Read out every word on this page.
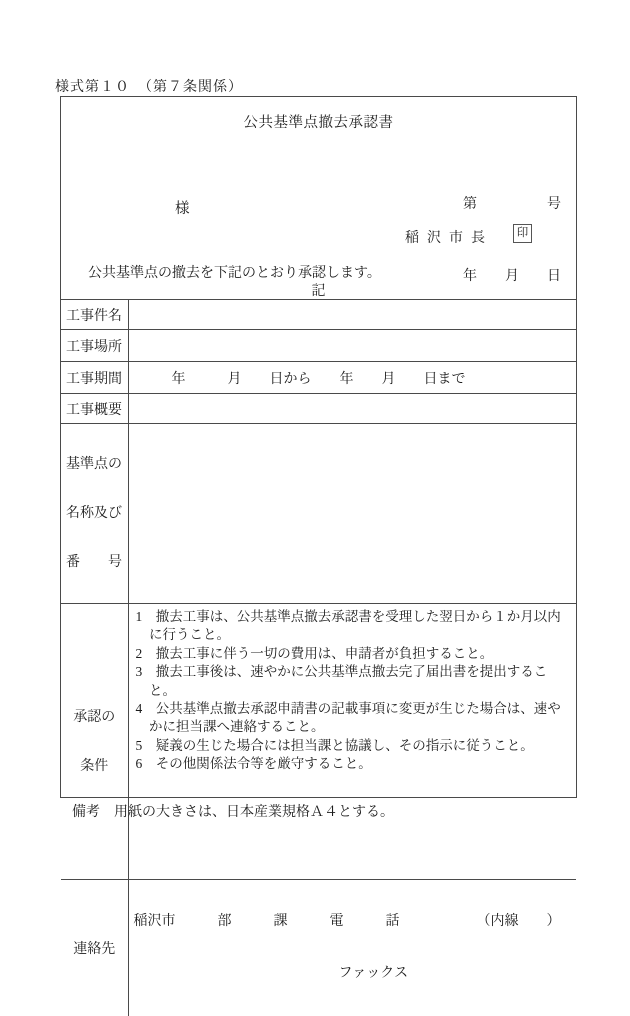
様式第１０　（第７条関係）
公共基準点撤去承認書

第　　　　　号

年　　月　　日

様
稲沢市長	印
公共基準点の撤去を下記のとおり承認します。
記
工事件名	
工事場所	
工事期間	年　　　月　　日から　　年　　月　　日まで
工事概要	

基準点の

名称及び

番　　号	

承認の

条件

1　撤去工事は、公共基準点撤去承認書を受理した翌日から１か月以内に行うこと。
2　撤去工事に伴う一切の費用は、申請者が負担すること。
3　撤去工事後は、速やかに公共基準点撤去完了届出書を提出すること。
4　公共基準点撤去承認申請書の記載事項に変更が生じた場合は、速やかに担当課へ連絡すること。
5　疑義の生じた場合には担当課と協議し、その指示に従うこと。
6　その他関係法令等を厳守すること。

連絡先	稲沢市　　　部　　　課　　　電　　　話　　　　　　（内線　　）

ファックス

備考　用紙の大きさは、日本産業規格Ａ４とする。
